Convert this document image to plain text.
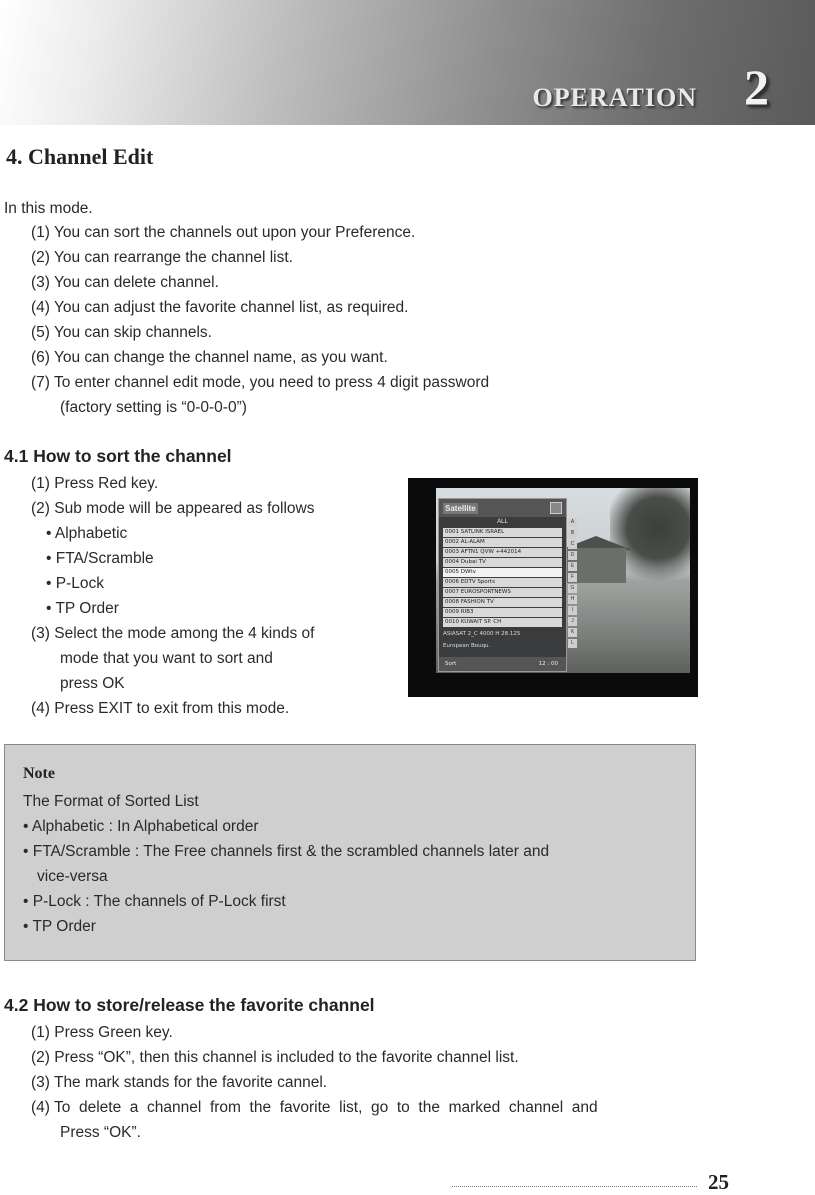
OPERATION 2
4. Channel Edit
In this mode.
(1) You can sort the channels out upon your Preference.
(2) You can rearrange the channel list.
(3) You can delete channel.
(4) You can adjust the favorite channel list, as required.
(5) You can skip channels.
(6) You can change the channel name, as you want.
(7) To enter channel edit mode, you need to press 4 digit password
(factory setting is “0-0-0-0”)
4.1 How to sort the channel
(1) Press Red key.
(2) Sub mode will be appeared as follows
• Alphabetic
• FTA/Scramble
• P-Lock
• TP Order
(3) Select the mode among the 4 kinds of
mode that you want to sort and
press OK
(4) Press EXIT to exit from this mode.
Satellite
ALL
0001 SATLINK ISRAEL
0002 AL-ALAM
0003 AFTN1 QVW +442014
0004 Dubai TV
0005 DWtv
0006 EDTV Sports
0007 EUROSPORTNEWS
0008 FASHION TV
0009 RIB3
0010 KUWAIT SP. CH
ASIASAT 2_C 4000 H 28.125
European Bouqu.
Sort	12 : 00
A
B
C
D
E
F
G
H
I
J
K
L
Note
The Format of Sorted List
• Alphabetic : In Alphabetical order
• FTA/Scramble : The Free channels first & the scrambled channels later and
vice-versa
• P-Lock : The channels of P-Lock first
• TP Order
4.2 How to store/release the favorite channel
(1) Press Green key.
(2) Press “OK”, then this channel is included to the favorite channel list.
(3) The mark stands for the favorite cannel.
(4) To  delete  a  channel  from  the  favorite  list,  go  to  the  marked  channel  and
Press “OK”.
25
